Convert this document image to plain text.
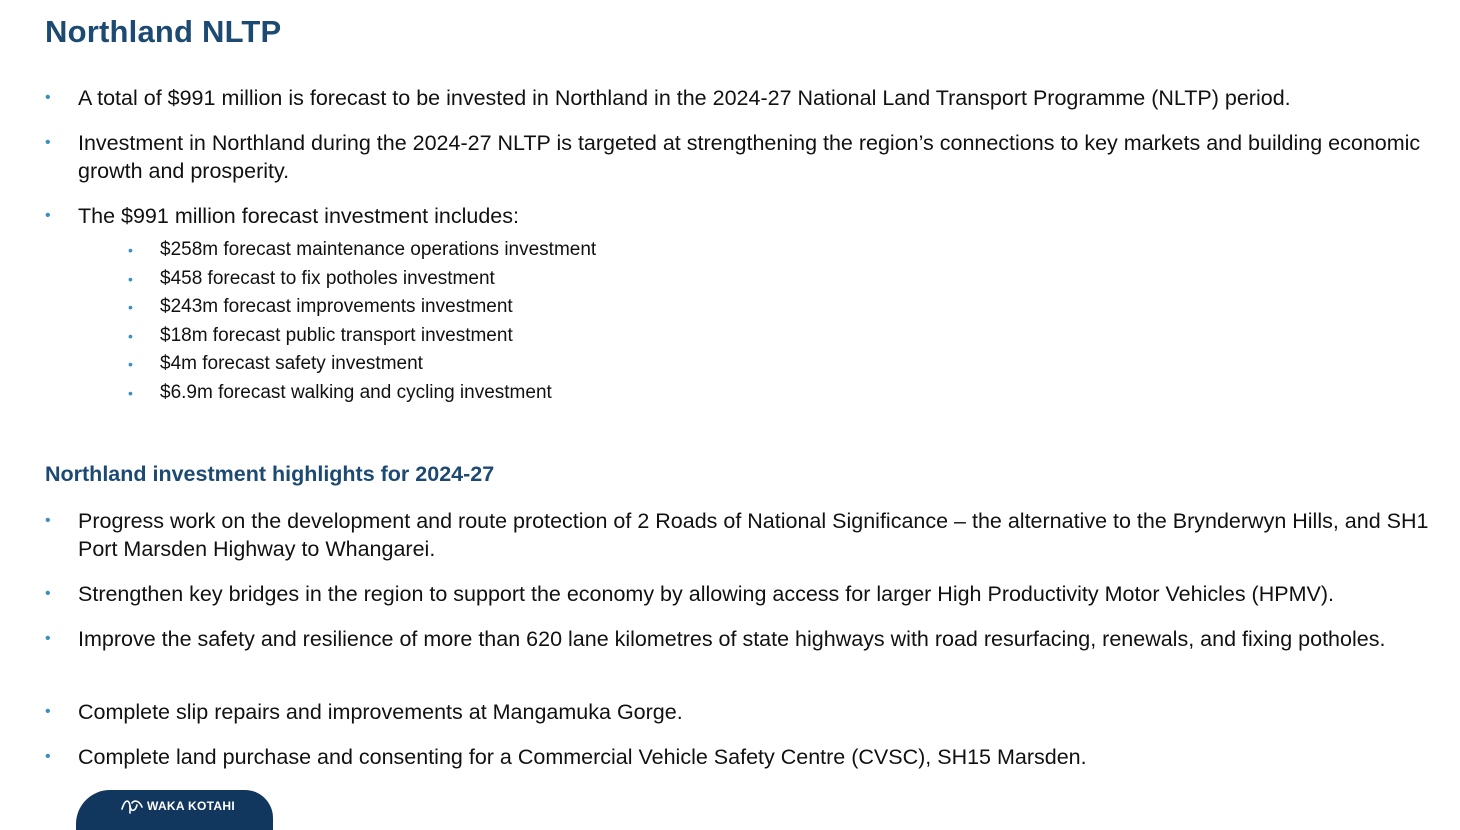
Northland NLTP
• A total of $991 million is forecast to be invested in Northland in the 2024-27 National Land Transport Programme (NLTP) period.
• Investment in Northland during the 2024-27 NLTP is targeted at strengthening the region’s connections to key markets and building economic growth and prosperity.
• The $991 million forecast investment includes:
• $258m forecast maintenance operations investment
• $458 forecast to fix potholes investment
• $243m forecast improvements investment
• $18m forecast public transport investment
• $4m forecast safety investment
• $6.9m forecast walking and cycling investment
Northland investment highlights for 2024-27
• Progress work on the development and route protection of 2 Roads of National Significance – the alternative to the Brynderwyn Hills, and SH1 Port Marsden Highway to Whangarei.
• Strengthen key bridges in the region to support the economy by allowing access for larger High Productivity Motor Vehicles (HPMV).
• Improve the safety and resilience of more than 620 lane kilometres of state highways with road resurfacing, renewals, and fixing potholes.
• Complete slip repairs and improvements at Mangamuka Gorge.
• Complete land purchase and consenting for a Commercial Vehicle Safety Centre (CVSC), SH15 Marsden.
WAKA KOTAHI
